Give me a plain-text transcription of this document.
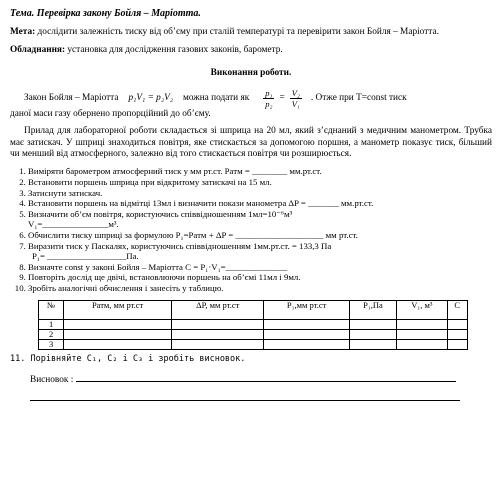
Тема. Перевірка закону Бойля – Маріотта.

Мета: дослідити залежність тиску від об’єму при сталій температурі та перевірити закон Бойля – Маріотта.

Обладнання: установка для дослідження газових законів, барометр.

Виконання роботи.
Закон Бойля – Маріотта p₁V₁ = p₂V₂ можна подати як $\frac{\text{p₁}}{\text{p₂}} = \frac{\text{V₂}}{\text{V₁}}$ . Отже при T=const тиск

даної маси газу обернено пропорційний до об’єму.

Прилад для лабораторної роботи складається зі шприца на 20 мл, який з’єднаний з медичним манометром. Трубка має затискач. У шприці знаходиться повітря, яке стискається за допомогою поршня, а манометр показує тиск, більший чи менший від атмосферного, залежно від того стискається повітря чи розширюється.

1. Виміряти барометром атмосферний тиск у мм рт.ст. Pатм = ________ мм.рт.ст.
2. Встановити поршень шприца при відкритому затискачі на 15 мл.
3. Затиснути затискач.
4. Встановити поршень на відмітці 13мл і визначити покази манометра ΔP = _______ мм.рт.ст.
5. Визначити об’єм повітря, користуючись співвідношенням 1мл=10⁻⁶м³
V₁=_______________м³.
6. Обчислити тиску шприці за формулою P₁=Pатм + ΔP = ____________________ мм рт.ст.
7. Виразити тиск у Паскалях, користуючись співвідношенням 1мм.рт.ст. = 133,3 Па
P₁= __________________Па.
8. Визначте const у законі Бойля – Маріотта C = P₁·V₁=______________
9. Повторіть дослід ще двічі, встановлюючи поршень на об’ємі 11мл і 9мл.
10. Зробіть аналогічні обчислення і занесіть у таблицю.
№	Pатм, мм рт.ст	ΔP, мм рт.ст	P₁,мм рт.ст	P₁,Па	V₁, м³	C
1						
2						
3						
11. Порівняйте C₁, C₂ і C₃ і зробіть висновок.
Висновок :
